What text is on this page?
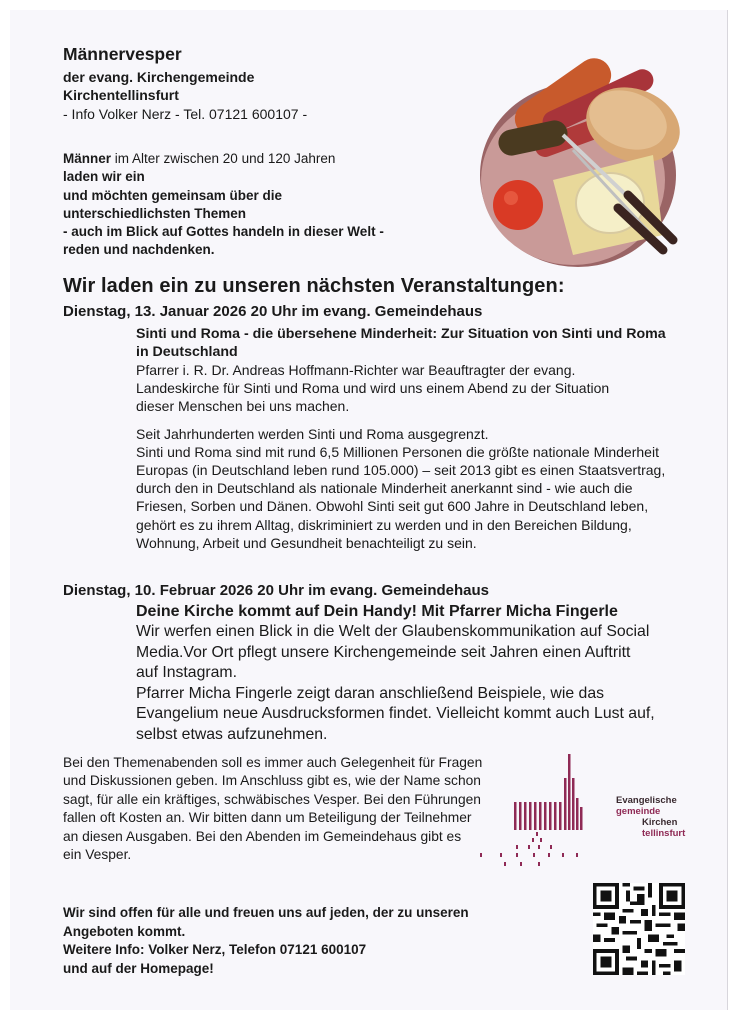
Männervesper
der evang. Kirchengemeinde
Kirchentellinsfurt
- Info Volker Nerz - Tel. 07121 600107 -
Männer im Alter zwischen 20 und 120 Jahren
laden wir ein
und möchten gemeinsam über die
unterschiedlichsten Themen
- auch im Blick auf Gottes handeln in dieser Welt -
reden und nachdenken.
Wir laden ein zu unseren nächsten Veranstaltungen:
Dienstag, 13. Januar 2026 20 Uhr im evang. Gemeindehaus
Sinti und Roma - die übersehene Minderheit: Zur Situation von Sinti und Roma in Deutschland
Pfarrer i. R. Dr. Andreas Hoffmann-Richter war Beauftragter der evang. Landeskirche für Sinti und Roma und wird uns einem Abend zu der Situation dieser Menschen bei uns machen.
Seit Jahrhunderten werden Sinti und Roma ausgegrenzt.
Sinti und Roma sind mit rund 6,5 Millionen Personen die größte nationale Minderheit Europas (in Deutschland leben rund 105.000) – seit 2013 gibt es einen Staatsvertrag, durch den in Deutschland als nationale Minderheit anerkannt sind - wie auch die Friesen, Sorben und Dänen. Obwohl Sinti seit gut 600 Jahre in Deutschland leben, gehört es zu ihrem Alltag, diskriminiert zu werden und in den Bereichen Bildung, Wohnung, Arbeit und Gesundheit benachteiligt zu sein.
Dienstag, 10. Februar 2026 20 Uhr im evang. Gemeindehaus
Deine Kirche kommt auf Dein Handy! Mit Pfarrer Micha Fingerle
Wir werfen einen Blick in die Welt der Glaubenskommunikation auf Social Media.Vor Ort pflegt unsere Kirchengemeinde seit Jahren einen Auftritt auf Instagram.
Pfarrer Micha Fingerle zeigt daran anschließend Beispiele, wie das Evangelium neue Ausdrucksformen findet. Vielleicht kommt auch Lust auf, selbst etwas aufzunehmen.
Bei den Themenabenden soll es immer auch Gelegenheit für Fragen und Diskussionen geben. Im Anschluss gibt es, wie der Name schon sagt, für alle ein kräftiges, schwäbisches Vesper. Bei den Führungen fallen oft Kosten an. Wir bitten dann um Beteiligung der Teilnehmer an diesen Ausgaben. Bei den Abenden im Gemeindehaus gibt es ein Vesper.
Evangelische gemeinde
Kirchen tellinsfurt
Wir sind offen für alle und freuen uns auf jeden, der zu unseren Angeboten kommt.
Weitere Info: Volker Nerz, Telefon 07121 600107
und auf der Homepage!
